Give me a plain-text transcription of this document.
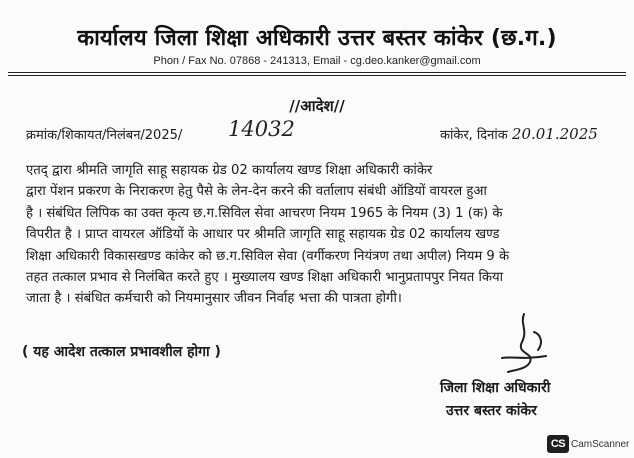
कार्यालय जिला शिक्षा अधिकारी उत्तर बस्तर कांकेर (छ.ग.)
Phon / Fax No. 07868 - 241313, Email - cg.deo.kanker@gmail.com
//आदेश//
क्रमांक/शिकायत/निलंबन/2025/ 14032	कांकेर, दिनांक 20.01.2025
एतद् द्वारा श्रीमति जागृति साहू सहायक ग्रेड 02 कार्यालय खण्ड शिक्षा अधिकारी कांकेर
द्वारा पेंशन प्रकरण के निराकरण हेतु पैसे के लेन-देन करने की वर्तालाप संबंधी ऑडियों वायरल हुआ
है । संबंधित लिपिक का उक्त कृत्य छ.ग.सिविल सेवा आचरण नियम 1965 के नियम (3) 1 (क) के
विपरीत है । प्राप्त वायरल ऑडियों के आधार पर श्रीमति जागृति साहू सहायक ग्रेड 02 कार्यालय खण्ड
शिक्षा अधिकारी विकासखण्ड कांकेर को छ.ग.सिविल सेवा (वर्गीकरण नियंत्रण तथा अपील) नियम 9 के
तहत तत्काल प्रभाव से निलंबित करते हुए । मुख्यालय खण्ड शिक्षा अधिकारी भानुप्रतापपुर नियत किया
जाता है । संबंधित कर्मचारी को नियमानुसार जीवन निर्वाह भत्ता की पात्रता होगी।
( यह आदेश तत्काल प्रभावशील होगा )
जिला शिक्षा अधिकारी
उत्तर बस्तर कांकेर
CS CamScanner
